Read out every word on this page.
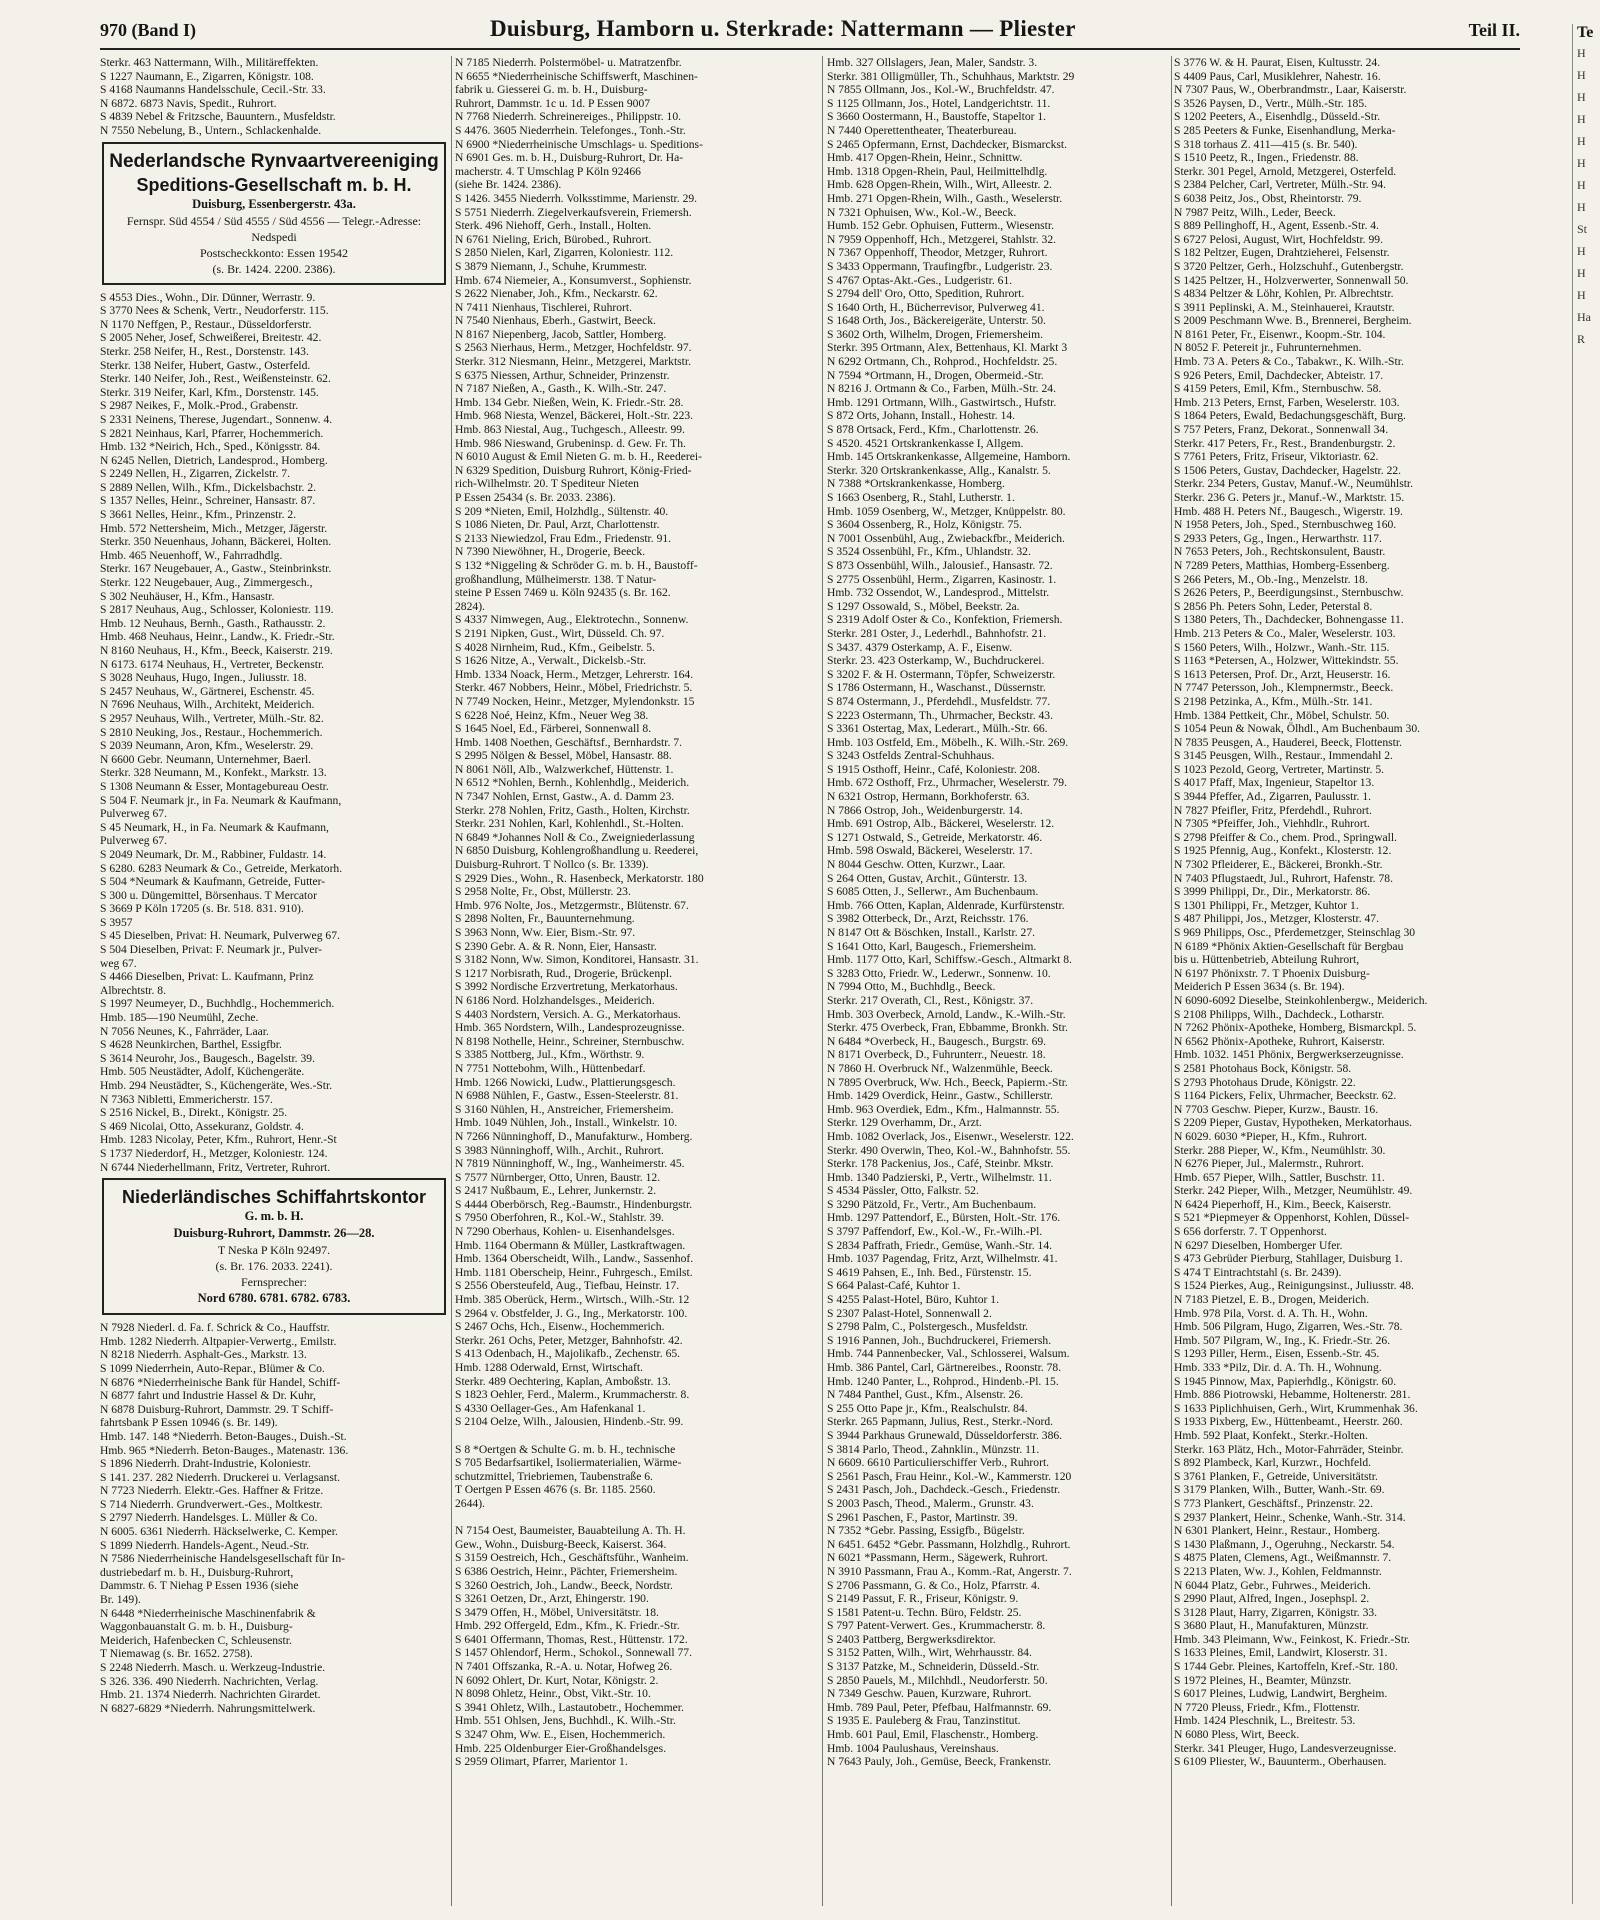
970 (Band I)	Duisburg, Hamborn u. Sterkrade: Nattermann — Pliester	Teil II.	Te
H
H
H
H
H
H
H
H
St
H
H
H
Ha
R
Sterkr. 463 Nattermann, Wilh., Militäreffekten.
S 1227 Naumann, E., Zigarren, Königstr. 108.
S 4168 Naumanns Handelsschule, Cecil.-Str. 33.
N 6872. 6873 Navis, Spedit., Ruhrort.
S 4839 Nebel & Fritzsche, Bauuntern., Musfeldstr.
N 7550 Nebelung, B., Untern., Schlackenhalde.
Nederlandsche Rynvaartvereeniging
Speditions-Gesellschaft m. b. H.
Duisburg, Essenbergerstr. 43a.
Fernspr. Süd 4554 / Süd 4555 / Süd 4556 — Telegr.-Adresse: Nedspedi
Postscheckkonto: Essen 19542
(s. Br. 1424. 2200. 2386).
S 4553 Dies., Wohn., Dir. Dünner, Werrastr. 9.
S 3770 Nees & Schenk, Vertr., Neudorferstr. 115.
N 1170 Neffgen, P., Restaur., Düsseldorferstr.
S 2005 Neher, Josef, Schweißerei, Breitestr. 42.
Sterkr. 258 Neifer, H., Rest., Dorstenstr. 143.
Sterkr. 138 Neifer, Hubert, Gastw., Osterfeld.
Sterkr. 140 Neifer, Joh., Rest., Weißensteinstr. 62.
Sterkr. 319 Neifer, Karl, Kfm., Dorstenstr. 145.
S 2987 Neikes, F., Molk.-Prod., Grabenstr.
S 2331 Neinens, Therese, Jugendart., Sonnenw. 4.
S 2821 Neinhaus, Karl, Pfarrer, Hochemmerich.
Hmb. 132 *Neirich, Hch., Sped., Königsstr. 84.
N 6245 Nellen, Dietrich, Landesprod., Homberg.
S 2249 Nellen, H., Zigarren, Zickelstr. 7.
S 2889 Nellen, Wilh., Kfm., Dickelsbachstr. 2.
S 1357 Nelles, Heinr., Schreiner, Hansastr. 87.
S 3661 Nelles, Heinr., Kfm., Prinzenstr. 2.
Hmb. 572 Nettersheim, Mich., Metzger, Jägerstr.
Sterkr. 350 Neuenhaus, Johann, Bäckerei, Holten.
Hmb. 465 Neuenhoff, W., Fahrradhdlg.
Sterkr. 167 Neugebauer, A., Gastw., Steinbrinkstr.
Sterkr. 122 Neugebauer, Aug., Zimmergesch.,
S 302 Neuhäuser, H., Kfm., Hansastr.
S 2817 Neuhaus, Aug., Schlosser, Koloniestr. 119.
Hmb. 12 Neuhaus, Bernh., Gasth., Rathausstr. 2.
Hmb. 468 Neuhaus, Heinr., Landw., K. Friedr.-Str.
N 8160 Neuhaus, H., Kfm., Beeck, Kaiserstr. 219.
N 6173. 6174 Neuhaus, H., Vertreter, Beckenstr.
S 3028 Neuhaus, Hugo, Ingen., Juliusstr. 18.
S 2457 Neuhaus, W., Gärtnerei, Eschenstr. 45.
N 7696 Neuhaus, Wilh., Architekt, Meiderich.
S 2957 Neuhaus, Wilh., Vertreter, Mülh.-Str. 82.
S 2810 Neuking, Jos., Restaur., Hochemmerich.
S 2039 Neumann, Aron, Kfm., Weselerstr. 29.
N 6600 Gebr. Neumann, Unternehmer, Baerl.
Sterkr. 328 Neumann, M., Konfekt., Markstr. 13.
S 1308 Neumann & Esser, Montagebureau Oestr.
S 504 F. Neumark jr., in Fa. Neumark & Kaufmann,
Pulverweg 67.
S 45 Neumark, H., in Fa. Neumark & Kaufmann,
Pulverweg 67.
S 2049 Neumark, Dr. M., Rabbiner, Fuldastr. 14.
S 6280. 6283 Neumark & Co., Getreide, Merkatorh.
S 504 *Neumark & Kaufmann, Getreide, Futter-
S 300 u. Düngemittel, Börsenhaus. T Mercator
S 3669 P Köln 17205 (s. Br. 518. 831. 910).
S 3957
S 45 Dieselben, Privat: H. Neumark, Pulverweg 67.
S 504 Dieselben, Privat: F. Neumark jr., Pulver-
weg 67.
S 4466 Dieselben, Privat: L. Kaufmann, Prinz
Albrechtstr. 8.
S 1997 Neumeyer, D., Buchhdlg., Hochemmerich.
Hmb. 185—190 Neumühl, Zeche.
N 7056 Neunes, K., Fahrräder, Laar.
S 4628 Neunkirchen, Barthel, Essigfbr.
S 3614 Neurohr, Jos., Baugesch., Bagelstr. 39.
Hmb. 505 Neustädter, Adolf, Küchengeräte.
Hmb. 294 Neustädter, S., Küchengeräte, Wes.-Str.
N 7363 Nibletti, Emmericherstr. 157.
S 2516 Nickel, B., Direkt., Königstr. 25.
S 469 Nicolai, Otto, Assekuranz, Goldstr. 4.
Hmb. 1283 Nicolay, Peter, Kfm., Ruhrort, Henr.-St
S 1737 Niederdorf, H., Metzger, Koloniestr. 124.
N 6744 Niederhellmann, Fritz, Vertreter, Ruhrort.
Niederländisches Schiffahrtskontor
G. m. b. H.
Duisburg-Ruhrort, Dammstr. 26—28.
T Neska P Köln 92497.
(s. Br. 176. 2033. 2241).
Fernsprecher:
Nord 6780. 6781. 6782. 6783.
N 7928 Niederl. d. Fa. f. Schrick & Co., Hauffstr.
Hmb. 1282 Niederrh. Altpapier-Verwertg., Emilstr.
N 8218 Niederrh. Asphalt-Ges., Markstr. 13.
S 1099 Niederrhein, Auto-Repar., Blümer & Co.
N 6876 *Niederrheinische Bank für Handel, Schiff-
N 6877 fahrt und Industrie Hassel & Dr. Kuhr,
N 6878 Duisburg-Ruhrort, Dammstr. 29. T Schiff-
fahrtsbank P Essen 10946 (s. Br. 149).
Hmb. 147. 148 *Niederrh. Beton-Bauges., Duish.-St.
Hmb. 965 *Niederrh. Beton-Bauges., Matenastr. 136.
S 1896 Niederrh. Draht-Industrie, Koloniestr.
S 141. 237. 282 Niederrh. Druckerei u. Verlagsanst.
N 7723 Niederrh. Elektr.-Ges. Haffner & Fritze.
S 714 Niederrh. Grundverwert.-Ges., Moltkestr.
S 2797 Niederrh. Handelsges. L. Müller & Co.
N 6005. 6361 Niederrh. Häckselwerke, C. Kemper.
S 1899 Niederrh. Handels-Agent., Neud.-Str.
N 7586 Niederrheinische Handelsgesellschaft für In-
dustriebedarf m. b. H., Duisburg-Ruhrort,
Dammstr. 6. T Niehag P Essen 1936 (siehe
Br. 149).
N 6448 *Niederrheinische Maschinenfabrik &
Waggonbauanstalt G. m. b. H., Duisburg-
Meiderich, Hafenbecken C, Schleusenstr.
T Niemawag (s. Br. 1652. 2758).
S 2248 Niederrh. Masch. u. Werkzeug-Industrie.
S 326. 336. 490 Niederrh. Nachrichten, Verlag.
Hmb. 21. 1374 Niederrh. Nachrichten Girardet.
N 6827-6829 *Niederrh. Nahrungsmittelwerk.
N 7185 Niederrh. Polstermöbel- u. Matratzenfbr.
N 6655 *Niederrheinische Schiffswerft, Maschinen-
fabrik u. Giesserei G. m. b. H., Duisburg-
Ruhrort, Dammstr. 1c u. 1d. P Essen 9007
N 7768 Niederrh. Schreinereiges., Philippstr. 10.
S 4476. 3605 Niederrhein. Telefonges., Tonh.-Str.
N 6900 *Niederrheinische Umschlags- u. Speditions-
N 6901 Ges. m. b. H., Duisburg-Ruhrort, Dr. Ha-
macherstr. 4. T Umschlag P Köln 92466
(siehe Br. 1424. 2386).
S 1426. 3455 Niederrh. Volksstimme, Marienstr. 29.
S 5751 Niederrh. Ziegelverkaufsverein, Friemersh.
Sterk. 496 Niehoff, Gerh., Install., Holten.
N 6761 Nieling, Erich, Bürobed., Ruhrort.
S 2850 Nielen, Karl, Zigarren, Koloniestr. 112.
S 3879 Niemann, J., Schuhe, Krummestr.
Hmb. 674 Niemeier, A., Konsumverst., Sophienstr.
S 2622 Nienaber, Joh., Kfm., Neckarstr. 62.
N 7411 Nienhaus, Tischlerei, Ruhrort.
N 7540 Nienhaus, Eberh., Gastwirt, Beeck.
N 8167 Niepenberg, Jacob, Sattler, Homberg.
S 2563 Nierhaus, Herm., Metzger, Hochfeldstr. 97.
Sterkr. 312 Niesmann, Heinr., Metzgerei, Marktstr.
S 6375 Niessen, Arthur, Schneider, Prinzenstr.
N 7187 Nießen, A., Gasth., K. Wilh.-Str. 247.
Hmb. 134 Gebr. Nießen, Wein, K. Friedr.-Str. 28.
Hmb. 968 Niesta, Wenzel, Bäckerei, Holt.-Str. 223.
Hmb. 863 Niestal, Aug., Tuchgesch., Alleestr. 99.
Hmb. 986 Nieswand, Grubeninsp. d. Gew. Fr. Th.
N 6010 August & Emil Nieten G. m. b. H., Reederei-
N 6329 Spedition, Duisburg Ruhrort, König-Fried-
rich-Wilhelmstr. 20. T Spediteur Nieten
P Essen 25434 (s. Br. 2033. 2386).
S 209 *Nieten, Emil, Holzhdlg., Sültenstr. 40.
S 1086 Nieten, Dr. Paul, Arzt, Charlottenstr.
S 2133 Niewiedzol, Frau Edm., Friedenstr. 91.
N 7390 Niewöhner, H., Drogerie, Beeck.
S 132 *Niggeling & Schröder G. m. b. H., Baustoff-
großhandlung, Mülheimerstr. 138. T Natur-
steine P Essen 7469 u. Köln 92435 (s. Br. 162.
2824).
S 4337 Nimwegen, Aug., Elektrotechn., Sonnenw.
S 2191 Nipken, Gust., Wirt, Düsseld. Ch. 97.
S 4028 Nirnheim, Rud., Kfm., Geibelstr. 5.
S 1626 Nitze, A., Verwalt., Dickelsb.-Str.
Hmb. 1334 Noack, Herm., Metzger, Lehrerstr. 164.
Sterkr. 467 Nobbers, Heinr., Möbel, Friedrichstr. 5.
N 7749 Nocken, Heinr., Metzger, Mylendonkstr. 15
S 6228 Noé, Heinz, Kfm., Neuer Weg 38.
S 1645 Noel, Ed., Färberei, Sonnenwall 8.
Hmb. 1408 Noethen, Geschäftsf., Bernhardstr. 7.
S 2995 Nölgen & Bessel, Möbel, Hansastr. 88.
N 8061 Nöll, Alb., Walzwerkchef, Hüttenstr. 1.
N 6512 *Nohlen, Bernh., Kohlenhdlg., Meiderich.
N 7347 Nohlen, Ernst, Gastw., A. d. Damm 23.
Sterkr. 278 Nohlen, Fritz, Gasth., Holten, Kirchstr.
Sterkr. 231 Nohlen, Karl, Kohlenhdl., St.-Holten.
N 6849 *Johannes Noll & Co., Zweigniederlassung
N 6850 Duisburg, Kohlengroßhandlung u. Reederei,
Duisburg-Ruhrort. T Nollco (s. Br. 1339).
S 2929 Dies., Wohn., R. Hasenbeck, Merkatorstr. 180
S 2958 Nolte, Fr., Obst, Müllerstr. 23.
Hmb. 976 Nolte, Jos., Metzgermstr., Blütenstr. 67.
S 2898 Nolten, Fr., Bauunternehmung.
S 3963 Nonn, Ww. Eier, Bism.-Str. 97.
S 2390 Gebr. A. & R. Nonn, Eier, Hansastr.
S 3182 Nonn, Ww. Simon, Konditorei, Hansastr. 31.
S 1217 Norbisrath, Rud., Drogerie, Brückenpl.
S 3992 Nordische Erzvertretung, Merkatorhaus.
N 6186 Nord. Holzhandelsges., Meiderich.
S 4403 Nordstern, Versich. A. G., Merkatorhaus.
Hmb. 365 Nordstern, Wilh., Landesprozeugnisse.
N 8198 Nothelle, Heinr., Schreiner, Sternbuschw.
S 3385 Nottberg, Jul., Kfm., Wörthstr. 9.
N 7751 Nottebohm, Wilh., Hüttenbedarf.
Hmb. 1266 Nowicki, Ludw., Plattierungsgesch.
N 6988 Nühlen, F., Gastw., Essen-Steelerstr. 81.
S 3160 Nühlen, H., Anstreicher, Friemersheim.
Hmb. 1049 Nühlen, Joh., Install., Winkelstr. 10.
N 7266 Nünninghoff, D., Manufakturw., Homberg.
S 3983 Nünninghoff, Wilh., Archit., Ruhrort.
N 7819 Nünninghoff, W., Ing., Wanheimerstr. 45.
S 7577 Nürnberger, Otto, Unren, Baustr. 12.
S 2417 Nußbaum, E., Lehrer, Junkernstr. 2.
S 4444 Oberbörsch, Reg.-Baumstr., Hindenburgstr.
S 7950 Oberfohren, R., Kol.-W., Stahlstr. 39.
N 7290 Oberhaus, Kohlen- u. Eisenhandelsges.
Hmb. 1164 Obermann & Müller, Lastkraftwagen.
Hmb. 1364 Oberscheidt, Wilh., Landw., Sassenhof.
Hmb. 1181 Oberscheip, Heinr., Fuhrgesch., Emilst.
S 2556 Obersteufeld, Aug., Tiefbau, Heinstr. 17.
Hmb. 385 Oberück, Herm., Wirtsch., Wilh.-Str. 12
S 2964 v. Obstfelder, J. G., Ing., Merkatorstr. 100.
S 2467 Ochs, Hch., Eisenw., Hochemmerich.
Sterkr. 261 Ochs, Peter, Metzger, Bahnhofstr. 42.
S 413 Odenbach, H., Majolikafb., Zechenstr. 65.
Hmb. 1288 Oderwald, Ernst, Wirtschaft.
Sterkr. 489 Oechtering, Kaplan, Amboßstr. 13.
S 1823 Oehler, Ferd., Malerm., Krummacherstr. 8.
S 4330 Oellager-Ges., Am Hafenkanal 1.
S 2104 Oelze, Wilh., Jalousien, Hindenb.-Str. 99.

S 8 *Oertgen & Schulte G. m. b. H., technische
S 705 Bedarfsartikel, Isoliermaterialien, Wärme-
schutzmittel, Triebriemen, Taubenstraße 6.
T Oertgen P Essen 4676 (s. Br. 1185. 2560.
2644).

N 7154 Oest, Baumeister, Bauabteilung A. Th. H.
Gew., Wohn., Duisburg-Beeck, Kaiserst. 364.
S 3159 Oestreich, Hch., Geschäftsführ., Wanheim.
S 6386 Oestrich, Heinr., Pächter, Friemersheim.
S 3260 Oestrich, Joh., Landw., Beeck, Nordstr.
S 3261 Oetzen, Dr., Arzt, Ehingerstr. 190.
S 3479 Offen, H., Möbel, Universitätstr. 18.
Hmb. 292 Offergeld, Edm., Kfm., K. Friedr.-Str.
S 6401 Offermann, Thomas, Rest., Hüttenstr. 172.
S 1457 Ohlendorf, Herm., Schokol., Sonnewall 77.
N 7401 Offszanka, R.-A. u. Notar, Hofweg 26.
N 6092 Ohlert, Dr. Kurt, Notar, Königstr. 2.
N 8098 Ohletz, Heinr., Obst, Vikt.-Str. 10.
S 3941 Ohletz, Wilh., Lastautobetr., Hochemmer.
Hmb. 551 Ohlsen, Jens, Buchhdl., K. Wilh.-Str.
S 3247 Ohm, Ww. E., Eisen, Hochemmerich.
Hmb. 225 Oldenburger Eier-Großhandelsges.
S 2959 Olimart, Pfarrer, Marientor 1.
Hmb. 327 Ollslagers, Jean, Maler, Sandstr. 3.
Sterkr. 381 Olligmüller, Th., Schuhhaus, Marktstr. 29
N 7855 Ollmann, Jos., Kol.-W., Bruchfeldstr. 47.
S 1125 Ollmann, Jos., Hotel, Landgerichtstr. 11.
S 3660 Oostermann, H., Baustoffe, Stapeltor 1.
N 7440 Operettentheater, Theaterbureau.
S 2465 Opfermann, Ernst, Dachdecker, Bismarckst.
Hmb. 417 Opgen-Rhein, Heinr., Schnittw.
Hmb. 1318 Opgen-Rhein, Paul, Heilmittelhdlg.
Hmb. 628 Opgen-Rhein, Wilh., Wirt, Alleestr. 2.
Hmb. 271 Opgen-Rhein, Wilh., Gasth., Weselerstr.
N 7321 Ophuisen, Ww., Kol.-W., Beeck.
Humb. 152 Gebr. Ophuisen, Futterm., Wiesenstr.
N 7959 Oppenhoff, Hch., Metzgerei, Stahlstr. 32.
N 7367 Oppenhoff, Theodor, Metzger, Ruhrort.
S 3433 Oppermann, Traufingfbr., Ludgeristr. 23.
S 4767 Optas-Akt.-Ges., Ludgeristr. 61.
S 2794 dell' Oro, Otto, Spedition, Ruhrort.
S 1640 Orth, H., Bücherrevisor, Pulverweg 41.
S 1648 Orth, Jos., Bäckereigeräte, Unterstr. 50.
S 3602 Orth, Wilhelm, Drogen, Friemersheim.
Sterkr. 395 Ortmann, Alex, Bettenhaus, Kl. Markt 3
N 6292 Ortmann, Ch., Rohprod., Hochfeldstr. 25.
N 7594 *Ortmann, H., Drogen, Obermeid.-Str.
N 8216 J. Ortmann & Co., Farben, Mülh.-Str. 24.
Hmb. 1291 Ortmann, Wilh., Gastwirtsch., Hufstr.
S 872 Orts, Johann, Install., Hohestr. 14.
S 878 Ortsack, Ferd., Kfm., Charlottenstr. 26.
S 4520. 4521 Ortskrankenkasse I, Allgem.
Hmb. 145 Ortskrankenkasse, Allgemeine, Hamborn.
Sterkr. 320 Ortskrankenkasse, Allg., Kanalstr. 5.
N 7388 *Ortskrankenkasse, Homberg.
S 1663 Osenberg, R., Stahl, Lutherstr. 1.
Hmb. 1059 Osenberg, W., Metzger, Knüppelstr. 80.
S 3604 Ossenberg, R., Holz, Königstr. 75.
N 7001 Ossenbühl, Aug., Zwiebackfbr., Meiderich.
S 3524 Ossenbühl, Fr., Kfm., Uhlandstr. 32.
S 873 Ossenbühl, Wilh., Jalousief., Hansastr. 72.
S 2775 Ossenbühl, Herm., Zigarren, Kasinostr. 1.
Hmb. 732 Ossendot, W., Landesprod., Mittelstr.
S 1297 Ossowald, S., Möbel, Beekstr. 2a.
S 2319 Adolf Oster & Co., Konfektion, Friemersh.
Sterkr. 281 Oster, J., Lederhdl., Bahnhofstr. 21.
S 3437. 4379 Osterkamp, A. F., Eisenw.
Sterkr. 23. 423 Osterkamp, W., Buchdruckerei.
S 3202 F. & H. Ostermann, Töpfer, Schweizerstr.
S 1786 Ostermann, H., Waschanst., Düssernstr.
S 874 Ostermann, J., Pferdehdl., Musfeldstr. 77.
S 2223 Ostermann, Th., Uhrmacher, Beckstr. 43.
S 3361 Ostertag, Max, Lederart., Mülh.-Str. 66.
Hmb. 103 Ostfeld, Em., Möbelh., K. Wilh.-Str. 269.
S 3243 Ostfelds Zentral-Schuhhaus.
S 1915 Osthoff, Heinr., Café, Koloniestr. 208.
Hmb. 672 Osthoff, Frz., Uhrmacher, Weselerstr. 79.
N 6321 Ostrop, Hermann, Borkhoferstr. 63.
N 7866 Ostrop, Joh., Weidenburgerstr. 14.
Hmb. 691 Ostrop, Alb., Bäckerei, Weselerstr. 12.
S 1271 Ostwald, S., Getreide, Merkatorstr. 46.
Hmb. 598 Oswald, Bäckerei, Weselerstr. 17.
N 8044 Geschw. Otten, Kurzwr., Laar.
S 264 Otten, Gustav, Archit., Günterstr. 13.
S 6085 Otten, J., Sellerwr., Am Buchenbaum.
Hmb. 766 Otten, Kaplan, Aldenrade, Kurfürstenstr.
S 3982 Otterbeck, Dr., Arzt, Reichsstr. 176.
N 8147 Ott & Böschken, Install., Karlstr. 27.
S 1641 Otto, Karl, Baugesch., Friemersheim.
Hmb. 1177 Otto, Karl, Schiffsw.-Gesch., Altmarkt 8.
S 3283 Otto, Friedr. W., Lederwr., Sonnenw. 10.
N 7994 Otto, M., Buchhdlg., Beeck.
Sterkr. 217 Overath, Cl., Rest., Königstr. 37.
Hmb. 303 Overbeck, Arnold, Landw., K.-Wilh.-Str.
Sterkr. 475 Overbeck, Fran, Ebbamme, Bronkh. Str.
N 6484 *Overbeck, H., Baugesch., Burgstr. 69.
N 8171 Overbeck, D., Fuhrunterr., Neuestr. 18.
N 7860 H. Overbruck Nf., Walzenmühle, Beeck.
N 7895 Overbruck, Ww. Hch., Beeck, Papierm.-Str.
Hmb. 1429 Overdick, Heinr., Gastw., Schillerstr.
Hmb. 963 Overdiek, Edm., Kfm., Halmannstr. 55.
Sterkr. 129 Overhamm, Dr., Arzt.
Hmb. 1082 Overlack, Jos., Eisenwr., Weselerstr. 122.
Sterkr. 490 Overwin, Theo, Kol.-W., Bahnhofstr. 55.
Sterkr. 178 Packenius, Jos., Café, Steinbr. Mkstr.
Hmb. 1340 Padzierski, P., Vertr., Wilhelmstr. 11.
S 4534 Pässler, Otto, Falkstr. 52.
S 3290 Pätzold, Fr., Vertr., Am Buchenbaum.
Hmb. 1297 Pattendorf, E., Bürsten, Holt.-Str. 176.
S 3797 Paffendorf, Ew., Kol.-W., Fr.-Wilh.-Pl.
S 2834 Paffrath, Friedr., Gemüse, Wanh.-Str. 14.
Hmb. 1037 Pagendag, Fritz, Arzt, Wilhelmstr. 41.
S 4619 Pahsen, E., Inh. Bed., Fürstenstr. 15.
S 664 Palast-Café, Kuhtor 1.
S 4255 Palast-Hotel, Büro, Kuhtor 1.
S 2307 Palast-Hotel, Sonnenwall 2.
S 2798 Palm, C., Polstergesch., Musfeldstr.
S 1916 Pannen, Joh., Buchdruckerei, Friemersh.
Hmb. 744 Pannenbecker, Val., Schlosserei, Walsum.
Hmb. 386 Pantel, Carl, Gärtnereibes., Roonstr. 78.
Hmb. 1240 Panter, L., Rohprod., Hindenb.-Pl. 15.
N 7484 Panthel, Gust., Kfm., Alsenstr. 26.
S 255 Otto Pape jr., Kfm., Realschulstr. 84.
Sterkr. 265 Papmann, Julius, Rest., Sterkr.-Nord.
S 3944 Parkhaus Grunewald, Düsseldorferstr. 386.
S 3814 Parlo, Theod., Zahnklin., Münzstr. 11.
N 6609. 6610 Particulierschiffer Verb., Ruhrort.
S 2561 Pasch, Frau Heinr., Kol.-W., Kammerstr. 120
S 2431 Pasch, Joh., Dachdeck.-Gesch., Friedenstr.
S 2003 Pasch, Theod., Malerm., Grunstr. 43.
S 2961 Paschen, F., Pastor, Martinstr. 39.
N 7352 *Gebr. Passing, Essigfb., Bügelstr.
N 6451. 6452 *Gebr. Passmann, Holzhdlg., Ruhrort.
N 6021 *Passmann, Herm., Sägewerk, Ruhrort.
N 3910 Passmann, Frau A., Komm.-Rat, Angerstr. 7.
S 2706 Passmann, G. & Co., Holz, Pfarrstr. 4.
S 2149 Passut, F. R., Friseur, Königstr. 9.
S 1581 Patent-u. Techn. Büro, Feldstr. 25.
S 797 Patent-Verwert. Ges., Krummacherstr. 8.
S 2403 Pattberg, Bergwerksdirektor.
S 3152 Patten, Wilh., Wirt, Wehrhausstr. 84.
S 3137 Patzke, M., Schneiderin, Düsseld.-Str.
S 2850 Pauels, M., Milchhdl., Neudorferstr. 50.
N 7349 Geschw. Pauen, Kurzware, Ruhrort.
Hmb. 789 Paul, Peter, Pfefbau, Halfmannstr. 69.
S 1935 E. Pauleberg & Frau, Tanzinstitut.
Hmb. 601 Paul, Emil, Flaschenstr., Homberg.
Hmb. 1004 Paulushaus, Vereinshaus.
N 7643 Pauly, Joh., Gemüse, Beeck, Frankenstr.
S 3776 W. & H. Paurat, Eisen, Kultusstr. 24.
S 4409 Paus, Carl, Musiklehrer, Nahestr. 16.
N 7307 Paus, W., Oberbrandmstr., Laar, Kaiserstr.
S 3526 Paysen, D., Vertr., Mülh.-Str. 185.
S 1202 Peeters, A., Eisenhdlg., Düsseld.-Str.
S 285 Peeters & Funke, Eisenhandlung, Merka-
S 318 torhaus Z. 411—415 (s. Br. 540).
S 1510 Peetz, R., Ingen., Friedenstr. 88.
Sterkr. 301 Pegel, Arnold, Metzgerei, Osterfeld.
S 2384 Pelcher, Carl, Vertreter, Mülh.-Str. 94.
S 6038 Peitz, Jos., Obst, Rheintorstr. 79.
N 7987 Peitz, Wilh., Leder, Beeck.
S 889 Pellinghoff, H., Agent, Essenb.-Str. 4.
S 6727 Pelosi, August, Wirt, Hochfeldstr. 99.
S 182 Peltzer, Eugen, Drahtzieherei, Felsenstr.
S 3720 Peltzer, Gerh., Holzschuhf., Gutenbergstr.
S 1425 Peltzer, H., Holzverwerter, Sonnenwall 50.
S 4834 Peltzer & Löhr, Kohlen, Pr. Albrechtstr.
S 3911 Peplinski, A. M., Steinhauerei, Krautstr.
S 2009 Peschmann Wwe. B., Brennerei, Bergheim.
N 8161 Peter, Fr., Eisenwr., Koopm.-Str. 104.
N 8052 F. Petereit jr., Fuhrunternehmen.
Hmb. 73 A. Peters & Co., Tabakwr., K. Wilh.-Str.
S 926 Peters, Emil, Dachdecker, Abteistr. 17.
S 4159 Peters, Emil, Kfm., Sternbuschw. 58.
Hmb. 213 Peters, Ernst, Farben, Weselerstr. 103.
S 1864 Peters, Ewald, Bedachungsgeschäft, Burg.
S 757 Peters, Franz, Dekorat., Sonnenwall 34.
Sterkr. 417 Peters, Fr., Rest., Brandenburgstr. 2.
S 7761 Peters, Fritz, Friseur, Viktoriastr. 62.
S 1506 Peters, Gustav, Dachdecker, Hagelstr. 22.
Sterkr. 234 Peters, Gustav, Manuf.-W., Neumühlstr.
Sterkr. 236 G. Peters jr., Manuf.-W., Marktstr. 15.
Hmb. 488 H. Peters Nf., Baugesch., Wigerstr. 19.
N 1958 Peters, Joh., Sped., Sternbuschweg 160.
S 2933 Peters, Gg., Ingen., Herwarthstr. 117.
N 7653 Peters, Joh., Rechtskonsulent, Baustr.
N 7289 Peters, Matthias, Homberg-Essenberg.
S 266 Peters, M., Ob.-Ing., Menzelstr. 18.
S 2626 Peters, P., Beerdigungsinst., Sternbuschw.
S 2856 Ph. Peters Sohn, Leder, Peterstal 8.
S 1380 Peters, Th., Dachdecker, Bohnengasse 11.
Hmb. 213 Peters & Co., Maler, Weselerstr. 103.
S 1560 Peters, Wilh., Holzwr., Wanh.-Str. 115.
S 1163 *Petersen, A., Holzwer, Wittekindstr. 55.
S 1613 Petersen, Prof. Dr., Arzt, Heuserstr. 16.
N 7747 Petersson, Joh., Klempnermstr., Beeck.
S 2198 Petzinka, A., Kfm., Mülh.-Str. 141.
Hmb. 1384 Pettkeit, Chr., Möbel, Schulstr. 50.
S 1054 Peun & Nowak, Ölhdl., Am Buchenbaum 30.
N 7835 Peusgen, A., Hauderei, Beeck, Flottenstr.
S 3145 Peusgen, Wilh., Restaur., Immendahl 2.
S 1023 Pezold, Georg, Vertreter, Martinstr. 5.
S 4017 Pfaff, Max, Ingenieur, Stapeltor 13.
S 3944 Pfeffer, Ad., Zigarren, Paulusstr. 1.
N 7827 Pfeifler, Fritz, Pferdehdl., Ruhrort.
N 7305 *Pfeiffer, Joh., Viehhdlr., Ruhrort.
S 2798 Pfeiffer & Co., chem. Prod., Springwall.
S 1925 Pfennig, Aug., Konfekt., Klosterstr. 12.
N 7302 Pfleiderer, E., Bäckerei, Bronkh.-Str.
N 7403 Pflugstaedt, Jul., Ruhrort, Hafenstr. 78.
S 3999 Philippi, Dr., Dir., Merkatorstr. 86.
S 1301 Philippi, Fr., Metzger, Kuhtor 1.
S 487 Philippi, Jos., Metzger, Klosterstr. 47.
S 969 Philipps, Osc., Pferdemetzger, Steinschlag 30
N 6189 *Phönix Aktien-Gesellschaft für Bergbau
bis u. Hüttenbetrieb, Abteilung Ruhrort,
N 6197 Phönixstr. 7. T Phoenix Duisburg-
Meiderich P Essen 3634 (s. Br. 194).
N 6090-6092 Dieselbe, Steinkohlenbergw., Meiderich.
S 2108 Philipps, Wilh., Dachdeck., Lotharstr.
N 7262 Phönix-Apotheke, Homberg, Bismarckpl. 5.
N 6562 Phönix-Apotheke, Ruhrort, Kaiserstr.
Hmb. 1032. 1451 Phönix, Bergwerkserzeugnisse.
S 2581 Photohaus Bock, Königstr. 58.
S 2793 Photohaus Drude, Königstr. 22.
S 1164 Pickers, Felix, Uhrmacher, Beeckstr. 62.
N 7703 Geschw. Pieper, Kurzw., Baustr. 16.
S 2209 Pieper, Gustav, Hypotheken, Merkatorhaus.
N 6029. 6030 *Pieper, H., Kfm., Ruhrort.
Sterkr. 288 Pieper, W., Kfm., Neumühlstr. 30.
N 6276 Pieper, Jul., Malermstr., Ruhrort.
Hmb. 657 Pieper, Wilh., Sattler, Buschstr. 11.
Sterkr. 242 Pieper, Wilh., Metzger, Neumühlstr. 49.
N 6424 Pieperhoff, H., Kim., Beeck, Kaiserstr.
S 521 *Piepmeyer & Oppenhorst, Kohlen, Düssel-
S 656 dorferstr. 7. T Oppenhorst.
N 6297 Dieselben, Homberger Ufer.
S 473 Gebrüder Pierburg, Stahllager, Duisburg 1.
S 474 T Eintrachtstahl (s. Br. 2439).
S 1524 Pierkes, Aug., Reinigungsinst., Juliusstr. 48.
N 7183 Pietzel, E. B., Drogen, Meiderich.
Hmb. 978 Pila, Vorst. d. A. Th. H., Wohn.
Hmb. 506 Pilgram, Hugo, Zigarren, Wes.-Str. 78.
Hmb. 507 Pilgram, W., Ing., K. Friedr.-Str. 26.
S 1293 Piller, Herm., Eisen, Essenb.-Str. 45.
Hmb. 333 *Pilz, Dir. d. A. Th. H., Wohnung.
S 1945 Pinnow, Max, Papierhdlg., Königstr. 60.
Hmb. 886 Piotrowski, Hebamme, Holtenerstr. 281.
S 1633 Piplichhuisen, Gerh., Wirt, Krummenhak 36.
S 1933 Pixberg, Ew., Hüttenbeamt., Heerstr. 260.
Hmb. 592 Plaat, Konfekt., Sterkr.-Holten.
Sterkr. 163 Plätz, Hch., Motor-Fahrräder, Steinbr.
S 892 Plambeck, Karl, Kurzwr., Hochfeld.
S 3761 Planken, F., Getreide, Universitätstr.
S 3179 Planken, Wilh., Butter, Wanh.-Str. 69.
S 773 Plankert, Geschäftsf., Prinzenstr. 22.
S 2937 Plankert, Heinr., Schenke, Wanh.-Str. 314.
N 6301 Plankert, Heinr., Restaur., Homberg.
S 1430 Plaßmann, J., Ogeruhng., Neckarstr. 54.
S 4875 Platen, Clemens, Agt., Weißmannstr. 7.
S 2213 Platen, Ww. J., Kohlen, Feldmannstr.
N 6044 Platz, Gebr., Fuhrwes., Meiderich.
S 2990 Plaut, Alfred, Ingen., Josephspl. 2.
S 3128 Plaut, Harry, Zigarren, Königstr. 33.
S 3680 Plaut, H., Manufakturen, Münzstr.
Hmb. 343 Pleimann, Ww., Feinkost, K. Friedr.-Str.
S 1633 Pleines, Emil, Landwirt, Kloserstr. 31.
S 1744 Gebr. Pleines, Kartoffeln, Kref.-Str. 180.
S 1972 Pleines, H., Beamter, Münzstr.
S 6017 Pleines, Ludwig, Landwirt, Bergheim.
N 7720 Pleuss, Friedr., Kfm., Flottenstr.
Hmb. 1424 Pleschnik, L., Breitestr. 53.
N 6080 Pless, Wirt, Beeck.
Sterkr. 341 Pleuger, Hugo, Landesverzeugnisse.
S 6109 Pliester, W., Bauunterm., Oberhausen.
